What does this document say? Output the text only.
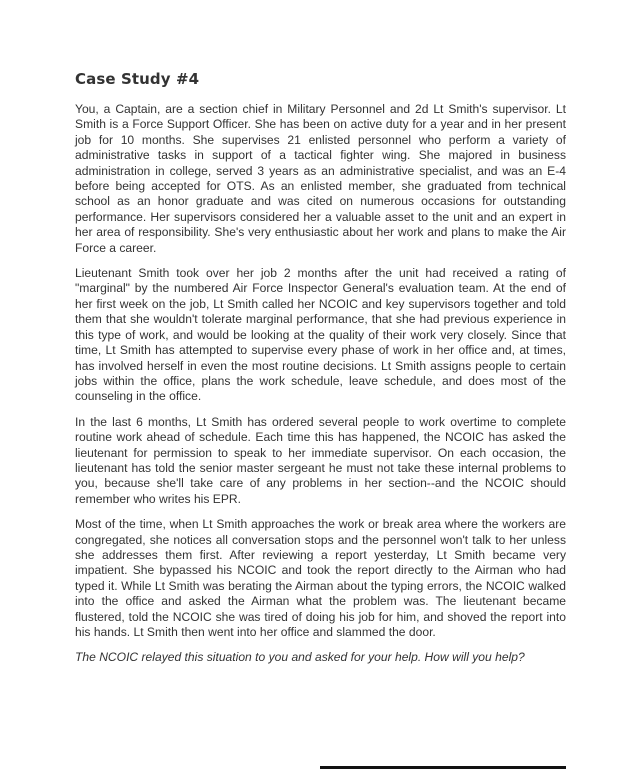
Case Study #4

You, a Captain, are a section chief in Military Personnel and 2d Lt Smith's supervisor. Lt Smith is a Force Support Officer. She has been on active duty for a year and in her present job for 10 months. She supervises 21 enlisted personnel who perform a variety of administrative tasks in support of a tactical fighter wing. She majored in business administration in college, served 3 years as an administrative specialist, and was an E-4 before being accepted for OTS. As an enlisted member, she graduated from technical school as an honor graduate and was cited on numerous occasions for outstanding performance. Her supervisors considered her a valuable asset to the unit and an expert in her area of responsibility. She's very enthusiastic about her work and plans to make the Air Force a career.

Lieutenant Smith took over her job 2 months after the unit had received a rating of "marginal" by the numbered Air Force Inspector General's evaluation team. At the end of her first week on the job, Lt Smith called her NCOIC and key supervisors together and told them that she wouldn't tolerate marginal performance, that she had previous experience in this type of work, and would be looking at the quality of their work very closely. Since that time, Lt Smith has attempted to supervise every phase of work in her office and, at times, has involved herself in even the most routine decisions. Lt Smith assigns people to certain jobs within the office, plans the work schedule, leave schedule, and does most of the counseling in the office.

In the last 6 months, Lt Smith has ordered several people to work overtime to complete routine work ahead of schedule. Each time this has happened, the NCOIC has asked the lieutenant for permission to speak to her immediate supervisor. On each occasion, the lieutenant has told the senior master sergeant he must not take these internal problems to you, because she'll take care of any problems in her section--and the NCOIC should remember who writes his EPR.

Most of the time, when Lt Smith approaches the work or break area where the workers are congregated, she notices all conversation stops and the personnel won't talk to her unless she addresses them first. After reviewing a report yesterday, Lt Smith became very impatient. She bypassed his NCOIC and took the report directly to the Airman who had typed it. While Lt Smith was berating the Airman about the typing errors, the NCOIC walked into the office and asked the Airman what the problem was. The lieutenant became flustered, told the NCOIC she was tired of doing his job for him, and shoved the report into his hands. Lt Smith then went into her office and slammed the door.

The NCOIC relayed this situation to you and asked for your help. How will you help?
